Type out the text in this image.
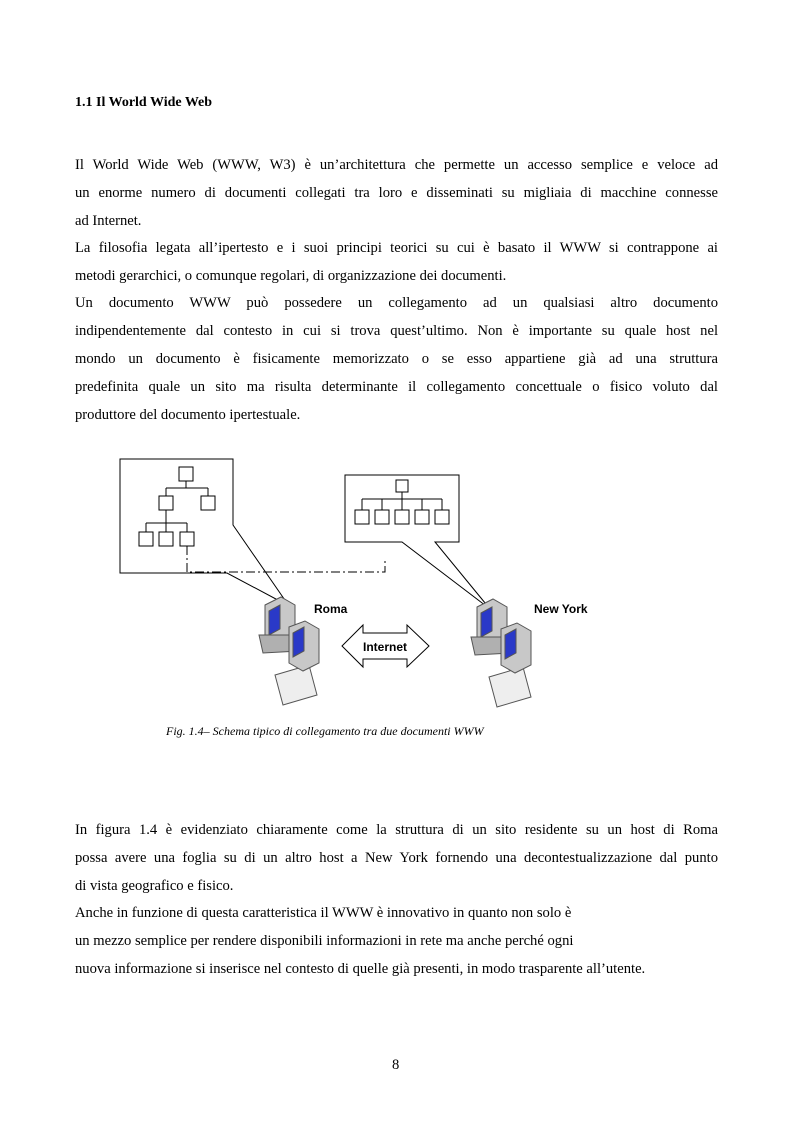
1.1 Il World Wide Web

Il World Wide Web (WWW, W3) è un’architettura che permette un accesso semplice e veloce ad
un enorme numero di documenti collegati tra loro e disseminati su migliaia di macchine connesse
ad Internet.

La filosofia legata all’ipertesto e i suoi principi teorici su cui è basato il WWW si contrappone ai
metodi gerarchici, o comunque regolari, di organizzazione dei documenti.

Un documento WWW può possedere un collegamento ad un qualsiasi altro documento
indipendentemente dal contesto in cui si trova quest’ultimo. Non è importante su quale host nel
mondo un documento è fisicamente memorizzato o se esso appartiene già ad una struttura
predefinita quale un sito ma risulta determinante il collegamento concettuale o fisico voluto dal
produttore del documento ipertestuale.

Internet
Roma	New York
Fig. 1.4– Schema tipico di collegamento tra due documenti WWW

In figura 1.4 è evidenziato chiaramente come la struttura di un sito residente su un host di Roma
possa avere una foglia su di un altro host a New York fornendo una decontestualizzazione dal punto
di vista geografico e fisico.

Anche in funzione di questa caratteristica il WWW è innovativo in quanto non solo è
un mezzo semplice per rendere disponibili informazioni in rete ma anche perché ogni
nuova informazione si inserisce nel contesto di quelle già presenti, in modo trasparente all’utente.

8
